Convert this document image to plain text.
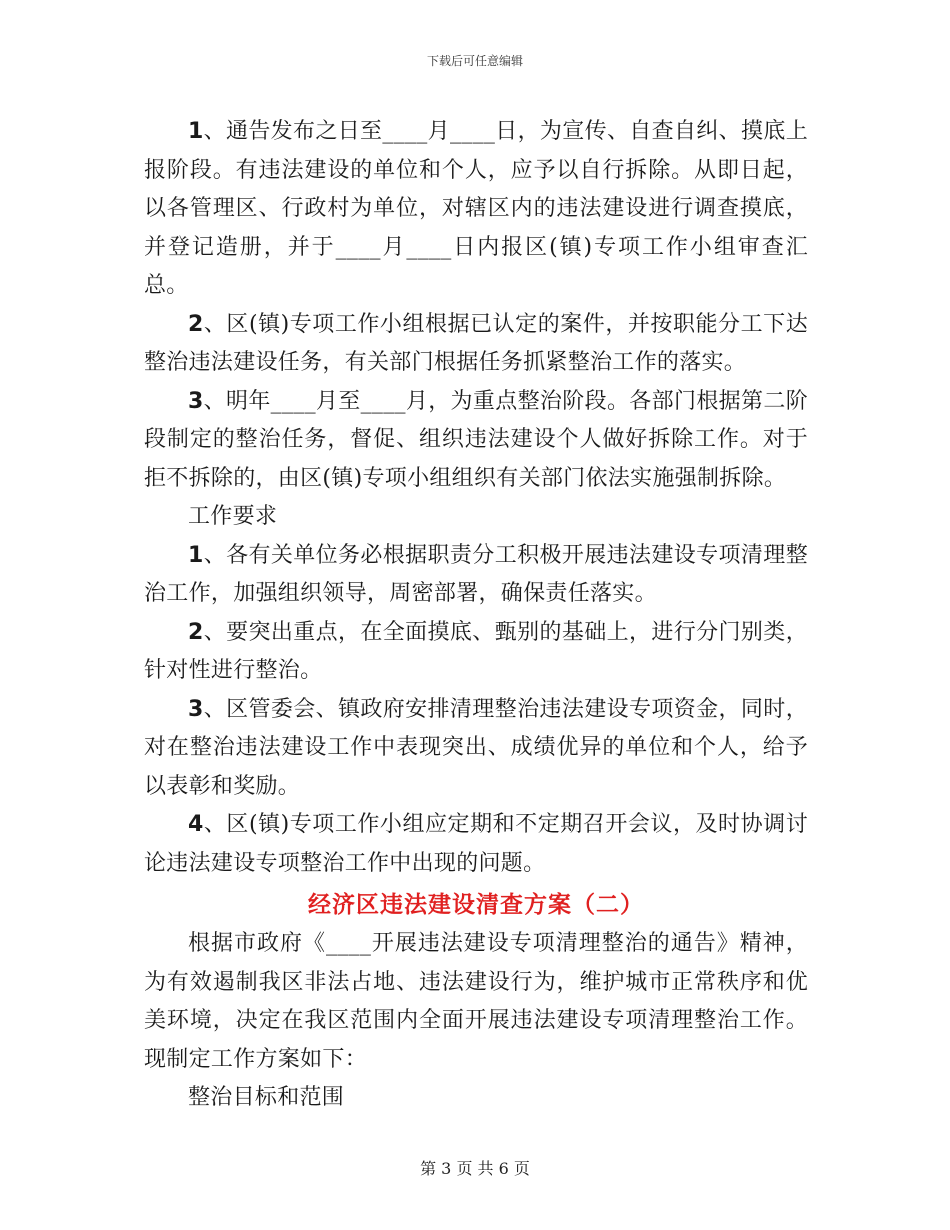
下载后可任意编辑

1、通告发布之日至____月____日，为宣传、自查自纠、摸底上报阶段。有违法建设的单位和个人，应予以自行拆除。从即日起，以各管理区、行政村为单位，对辖区内的违法建设进行调查摸底，并登记造册，并于____月____日内报区(镇)专项工作小组审查汇总。

2、区(镇)专项工作小组根据已认定的案件，并按职能分工下达整治违法建设任务，有关部门根据任务抓紧整治工作的落实。

3、明年____月至____月，为重点整治阶段。各部门根据第二阶段制定的整治任务，督促、组织违法建设个人做好拆除工作。对于拒不拆除的，由区(镇)专项小组组织有关部门依法实施强制拆除。

工作要求

1、各有关单位务必根据职责分工积极开展违法建设专项清理整治工作，加强组织领导，周密部署，确保责任落实。

2、要突出重点，在全面摸底、甄别的基础上，进行分门别类，针对性进行整治。

3、区管委会、镇政府安排清理整治违法建设专项资金，同时，对在整治违法建设工作中表现突出、成绩优异的单位和个人，给予以表彰和奖励。

4、区(镇)专项工作小组应定期和不定期召开会议，及时协调讨论违法建设专项整治工作中出现的问题。

经济区违法建设清查方案（二）

根据市政府《____开展违法建设专项清理整治的通告》精神，为有效遏制我区非法占地、违法建设行为，维护城市正常秩序和优美环境，决定在我区范围内全面开展违法建设专项清理整治工作。现制定工作方案如下：

整治目标和范围

第 3 页 共 6 页
